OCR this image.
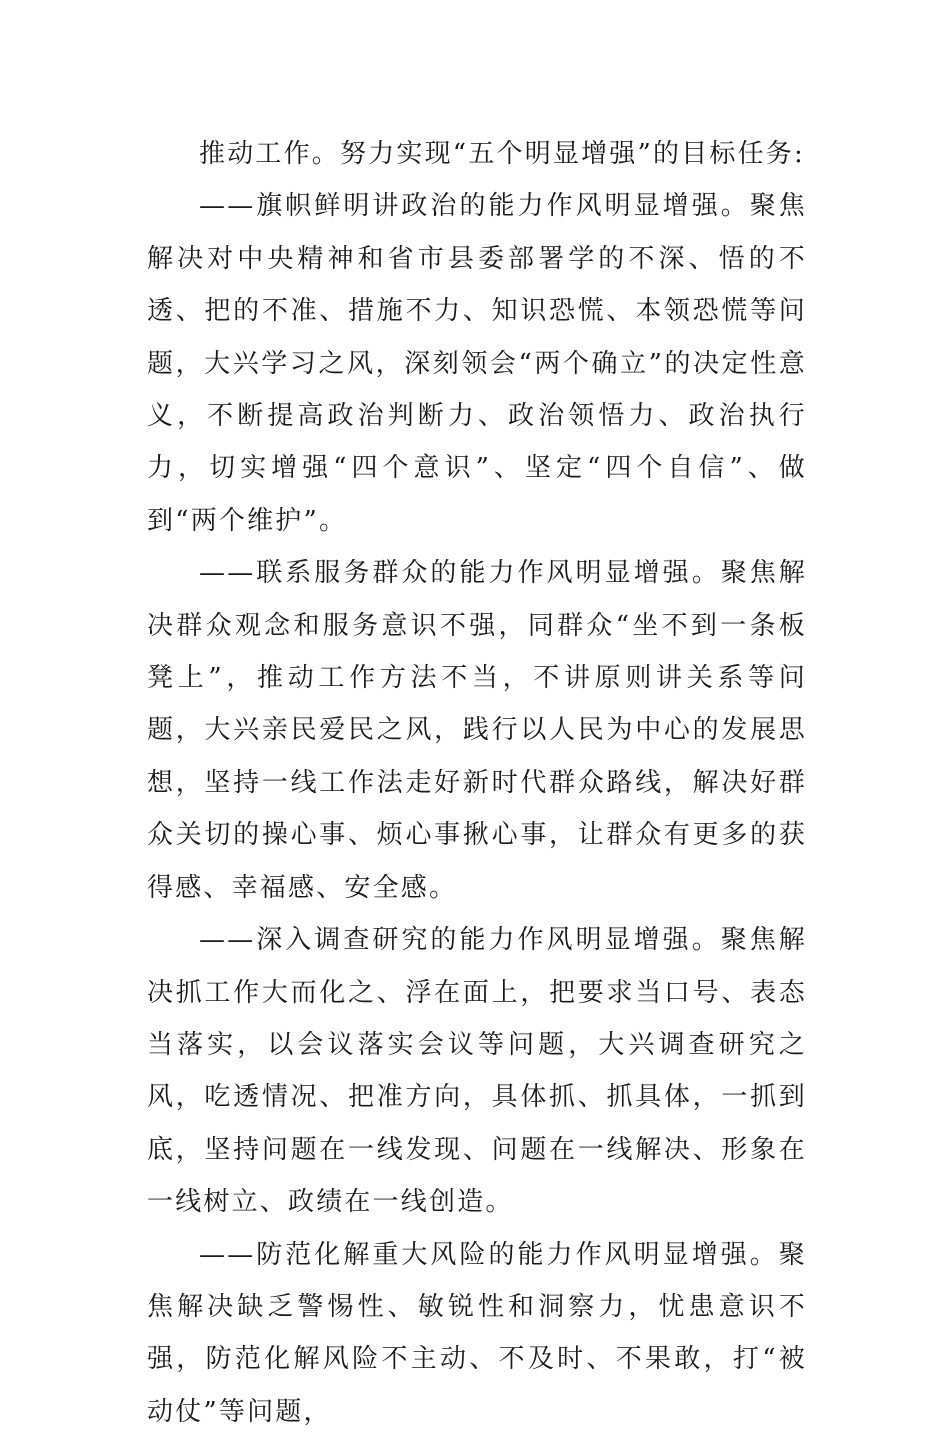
推动工作。努力实现“五个明显增强”的目标任务:

——旗帜鲜明讲政治的能力作风明显增强。聚焦解决对中央精神和省市县委部署学的不深、悟的不透、把的不准、措施不力、知识恐慌、本领恐慌等问题，大兴学习之风，深刻领会“两个确立”的决定性意义，不断提高政治判断力、政治领悟力、政治执行力，切实增强“四个意识”、坚定“四个自信”、做到“两个维护”。

——联系服务群众的能力作风明显增强。聚焦解决群众观念和服务意识不强，同群众“坐不到一条板凳上”，推动工作方法不当，不讲原则讲关系等问题，大兴亲民爱民之风，践行以人民为中心的发展思想，坚持一线工作法走好新时代群众路线，解决好群众关切的操心事、烦心事揪心事，让群众有更多的获得感、幸福感、安全感。

——深入调查研究的能力作风明显增强。聚焦解决抓工作大而化之、浮在面上，把要求当口号、表态当落实，以会议落实会议等问题，大兴调查研究之风，吃透情况、把准方向，具体抓、抓具体，一抓到底，坚持问题在一线发现、问题在一线解决、形象在一线树立、政绩在一线创造。

——防范化解重大风险的能力作风明显增强。聚焦解决缺乏警惕性、敏锐性和洞察力，忧患意识不强，防范化解风险不主动、不及时、不果敢，打“被动仗”等问题，
